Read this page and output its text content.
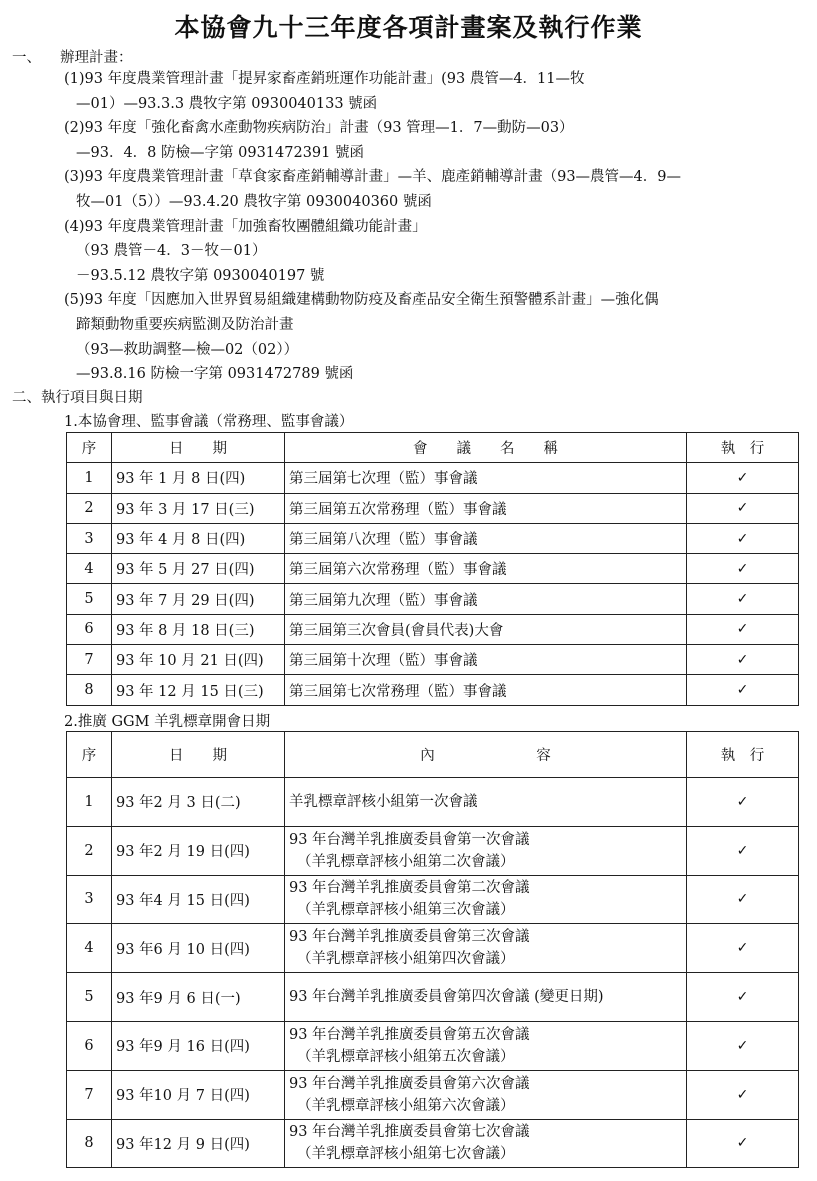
本協會九十三年度各項計畫案及執行作業
一、	辦理計畫：
(1)93 年度農業管理計畫「提昇家畜產銷班運作功能計畫」(93 農管—4．11—牧
—01）—93.3.3 農牧字第 0930040133 號函
(2)93 年度「強化畜禽水產動物疾病防治」計畫（93 管理—1．7—動防—03）
—93．4．8 防檢—字第 0931472391 號函
(3)93 年度農業管理計畫「草食家畜產銷輔導計畫」—羊、鹿產銷輔導計畫（93—農管—4．9—
牧—01（5））—93.4.20 農牧字第 0930040360 號函
(4)93 年度農業管理計畫「加強畜牧團體組織功能計畫」
（93 農管－4．3－牧－01）
－93.5.12 農牧字第 0930040197 號
(5)93 年度「因應加入世界貿易組織建構動物防疫及畜產品安全衛生預警體系計畫」—強化偶
蹄類動物重要疾病監測及防治計畫
（93—救助調整—檢—02（02））
—93.8.16 防檢一字第 0931472789 號函
二、執行項目與日期
1.本協會理、監事會議（常務理、監事會議）
序	日　　期	會　　議　　名　　稱	執　行
1	93 年 1 月 8 日(四)	第三屆第七次理（監）事會議	✓
2	93 年 3 月 17 日(三)	第三屆第五次常務理（監）事會議	✓
3	93 年 4 月 8 日(四)	第三屆第八次理（監）事會議	✓
4	93 年 5 月 27 日(四)	第三屆第六次常務理（監）事會議	✓
5	93 年 7 月 29 日(四)	第三屆第九次理（監）事會議	✓
6	93 年 8 月 18 日(三)	第三屆第三次會員(會員代表)大會	✓
7	93 年 10 月 21 日(四)	第三屆第十次理（監）事會議	✓
8	93 年 12 月 15 日(三)	第三屆第七次常務理（監）事會議	✓
2.推廣 GGM 羊乳標章開會日期
序	日　　期	內　　　　　　　容	執　行
1	93 年2 月 3 日(二)	羊乳標章評核小組第一次會議	✓
2	93 年2 月 19 日(四)	93 年台灣羊乳推廣委員會第一次會議
（羊乳標章評核小組第二次會議）	✓
3	93 年4 月 15 日(四)	93 年台灣羊乳推廣委員會第二次會議
（羊乳標章評核小組第三次會議）	✓
4	93 年6 月 10 日(四)	93 年台灣羊乳推廣委員會第三次會議
（羊乳標章評核小組第四次會議）	✓
5	93 年9 月 6 日(一)	93 年台灣羊乳推廣委員會第四次會議 (變更日期)	✓
6	93 年9 月 16 日(四)	93 年台灣羊乳推廣委員會第五次會議
（羊乳標章評核小組第五次會議）	✓
7	93 年10 月 7 日(四)	93 年台灣羊乳推廣委員會第六次會議
（羊乳標章評核小組第六次會議）	✓
8	93 年12 月 9 日(四)	93 年台灣羊乳推廣委員會第七次會議
（羊乳標章評核小組第七次會議）	✓
